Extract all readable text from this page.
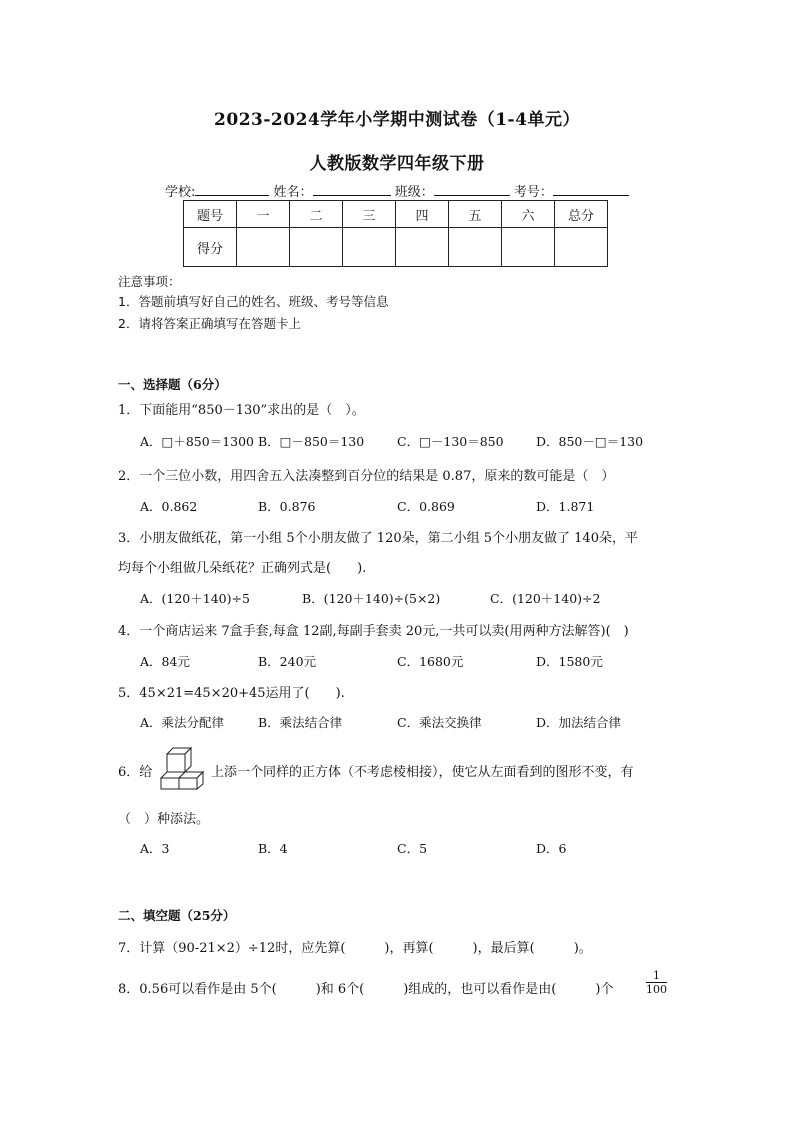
2023-2024学年小学期中测试卷（1-4单元）
人教版数学四年级下册
学校:	姓名：	班级：	考号：
题号	一	二	三	四	五	六	总分
得分							
注意事项：
1．答题前填写好自己的姓名、班级、考号等信息
2．请将答案正确填写在答题卡上
一、选择题（6分）
1．下面能用“850－130”求出的是（　）。
A．□＋850＝1300 B．□－850＝130	C．□－130＝850	D．850－□＝130
2．一个三位小数，用四舍五入法凑整到百分位的结果是 0.87，原来的数可能是（　）
A．0.862	B．0.876	C．0.869	D．1.871
3．小朋友做纸花，第一小组 5个小朋友做了 120朵，第二小组 5个小朋友做了 140朵，平
均每个小组做几朵纸花？正确列式是(　　).
A．(120＋140)÷5	B．(120＋140)÷(5×2)	C．(120＋140)÷2
4．一个商店运来 7盒手套,每盒 12副,每副手套卖 20元,一共可以卖(用两种方法解答)(　)
A．84元	B．240元	C．1680元	D．1580元
5．45×21=45×20+45运用了(　　).
A．乘法分配律	B．乘法结合律	C．乘法交换律	D．加法结合律
6．给	上添一个同样的正方体（不考虑棱相接），使它从左面看到的图形不变，有
（　）种添法。
A．3	B．4	C．5	D．6
二、填空题（25分）
7．计算（90-21×2）÷12时，应先算(　　　)，再算(　　　)，最后算(　　　)。
8．0.56可以看作是由 5个(　　　)和 6个(　　　)组成的，也可以看作是由(　　　)个	$\frac{1}{100}$
